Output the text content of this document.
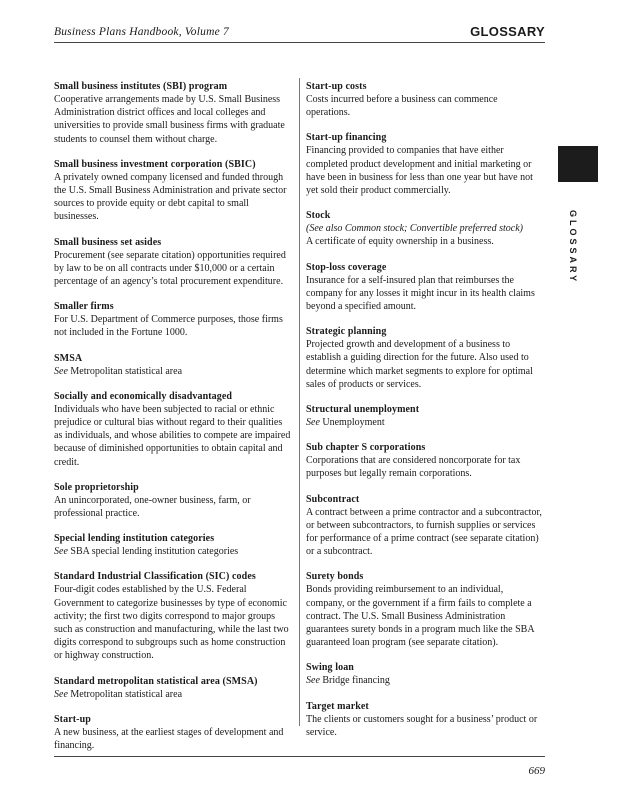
Business Plans Handbook, Volume 7	GLOSSARY
GLOSSARY
Small business institutes (SBI) program
Cooperative arrangements made by U.S. Small Business Administration district offices and local colleges and universities to provide small business firms with graduate students to counsel them without charge.
Small business investment corporation (SBIC)
A privately owned company licensed and funded through the U.S. Small Business Administration and private sector sources to provide equity or debt capital to small businesses.
Small business set asides
Procurement (see separate citation) opportunities required by law to be on all contracts under $10,000 or a certain percentage of an agency’s total procurement expenditure.
Smaller firms
For U.S. Department of Commerce purposes, those firms not included in the Fortune 1000.
SMSA
See Metropolitan statistical area
Socially and economically disadvantaged
Individuals who have been subjected to racial or ethnic prejudice or cultural bias without regard to their qualities as individuals, and whose abilities to compete are impaired because of diminished opportunities to obtain capital and credit.
Sole proprietorship
An unincorporated, one-owner business, farm, or professional practice.
Special lending institution categories
See SBA special lending institution categories
Standard Industrial Classification (SIC) codes
Four-digit codes established by the U.S. Federal Government to categorize businesses by type of economic activity; the first two digits correspond to major groups such as construction and manufacturing, while the last two digits correspond to subgroups such as home construction or highway construction.
Standard metropolitan statistical area (SMSA)
See Metropolitan statistical area
Start-up
A new business, at the earliest stages of development and financing.
Start-up costs
Costs incurred before a business can commence operations.
Start-up financing
Financing provided to companies that have either completed product development and initial marketing or have been in business for less than one year but have not yet sold their product commercially.
Stock
(See also Common stock; Convertible preferred stock)
A certificate of equity ownership in a business.
Stop-loss coverage
Insurance for a self-insured plan that reimburses the company for any losses it might incur in its health claims beyond a specified amount.
Strategic planning
Projected growth and development of a business to establish a guiding direction for the future. Also used to determine which market segments to explore for optimal sales of products or services.
Structural unemployment
See Unemployment
Sub chapter S corporations
Corporations that are considered noncorporate for tax purposes but legally remain corporations.
Subcontract
A contract between a prime contractor and a subcontractor, or between subcontractors, to furnish supplies or services for performance of a prime contract (see separate citation) or a subcontract.
Surety bonds
Bonds providing reimbursement to an individual, company, or the government if a firm fails to complete a contract. The U.S. Small Business Administration guarantees surety bonds in a program much like the SBA guaranteed loan program (see separate citation).
Swing loan
See Bridge financing
Target market
The clients or customers sought for a business’ product or service.
669
